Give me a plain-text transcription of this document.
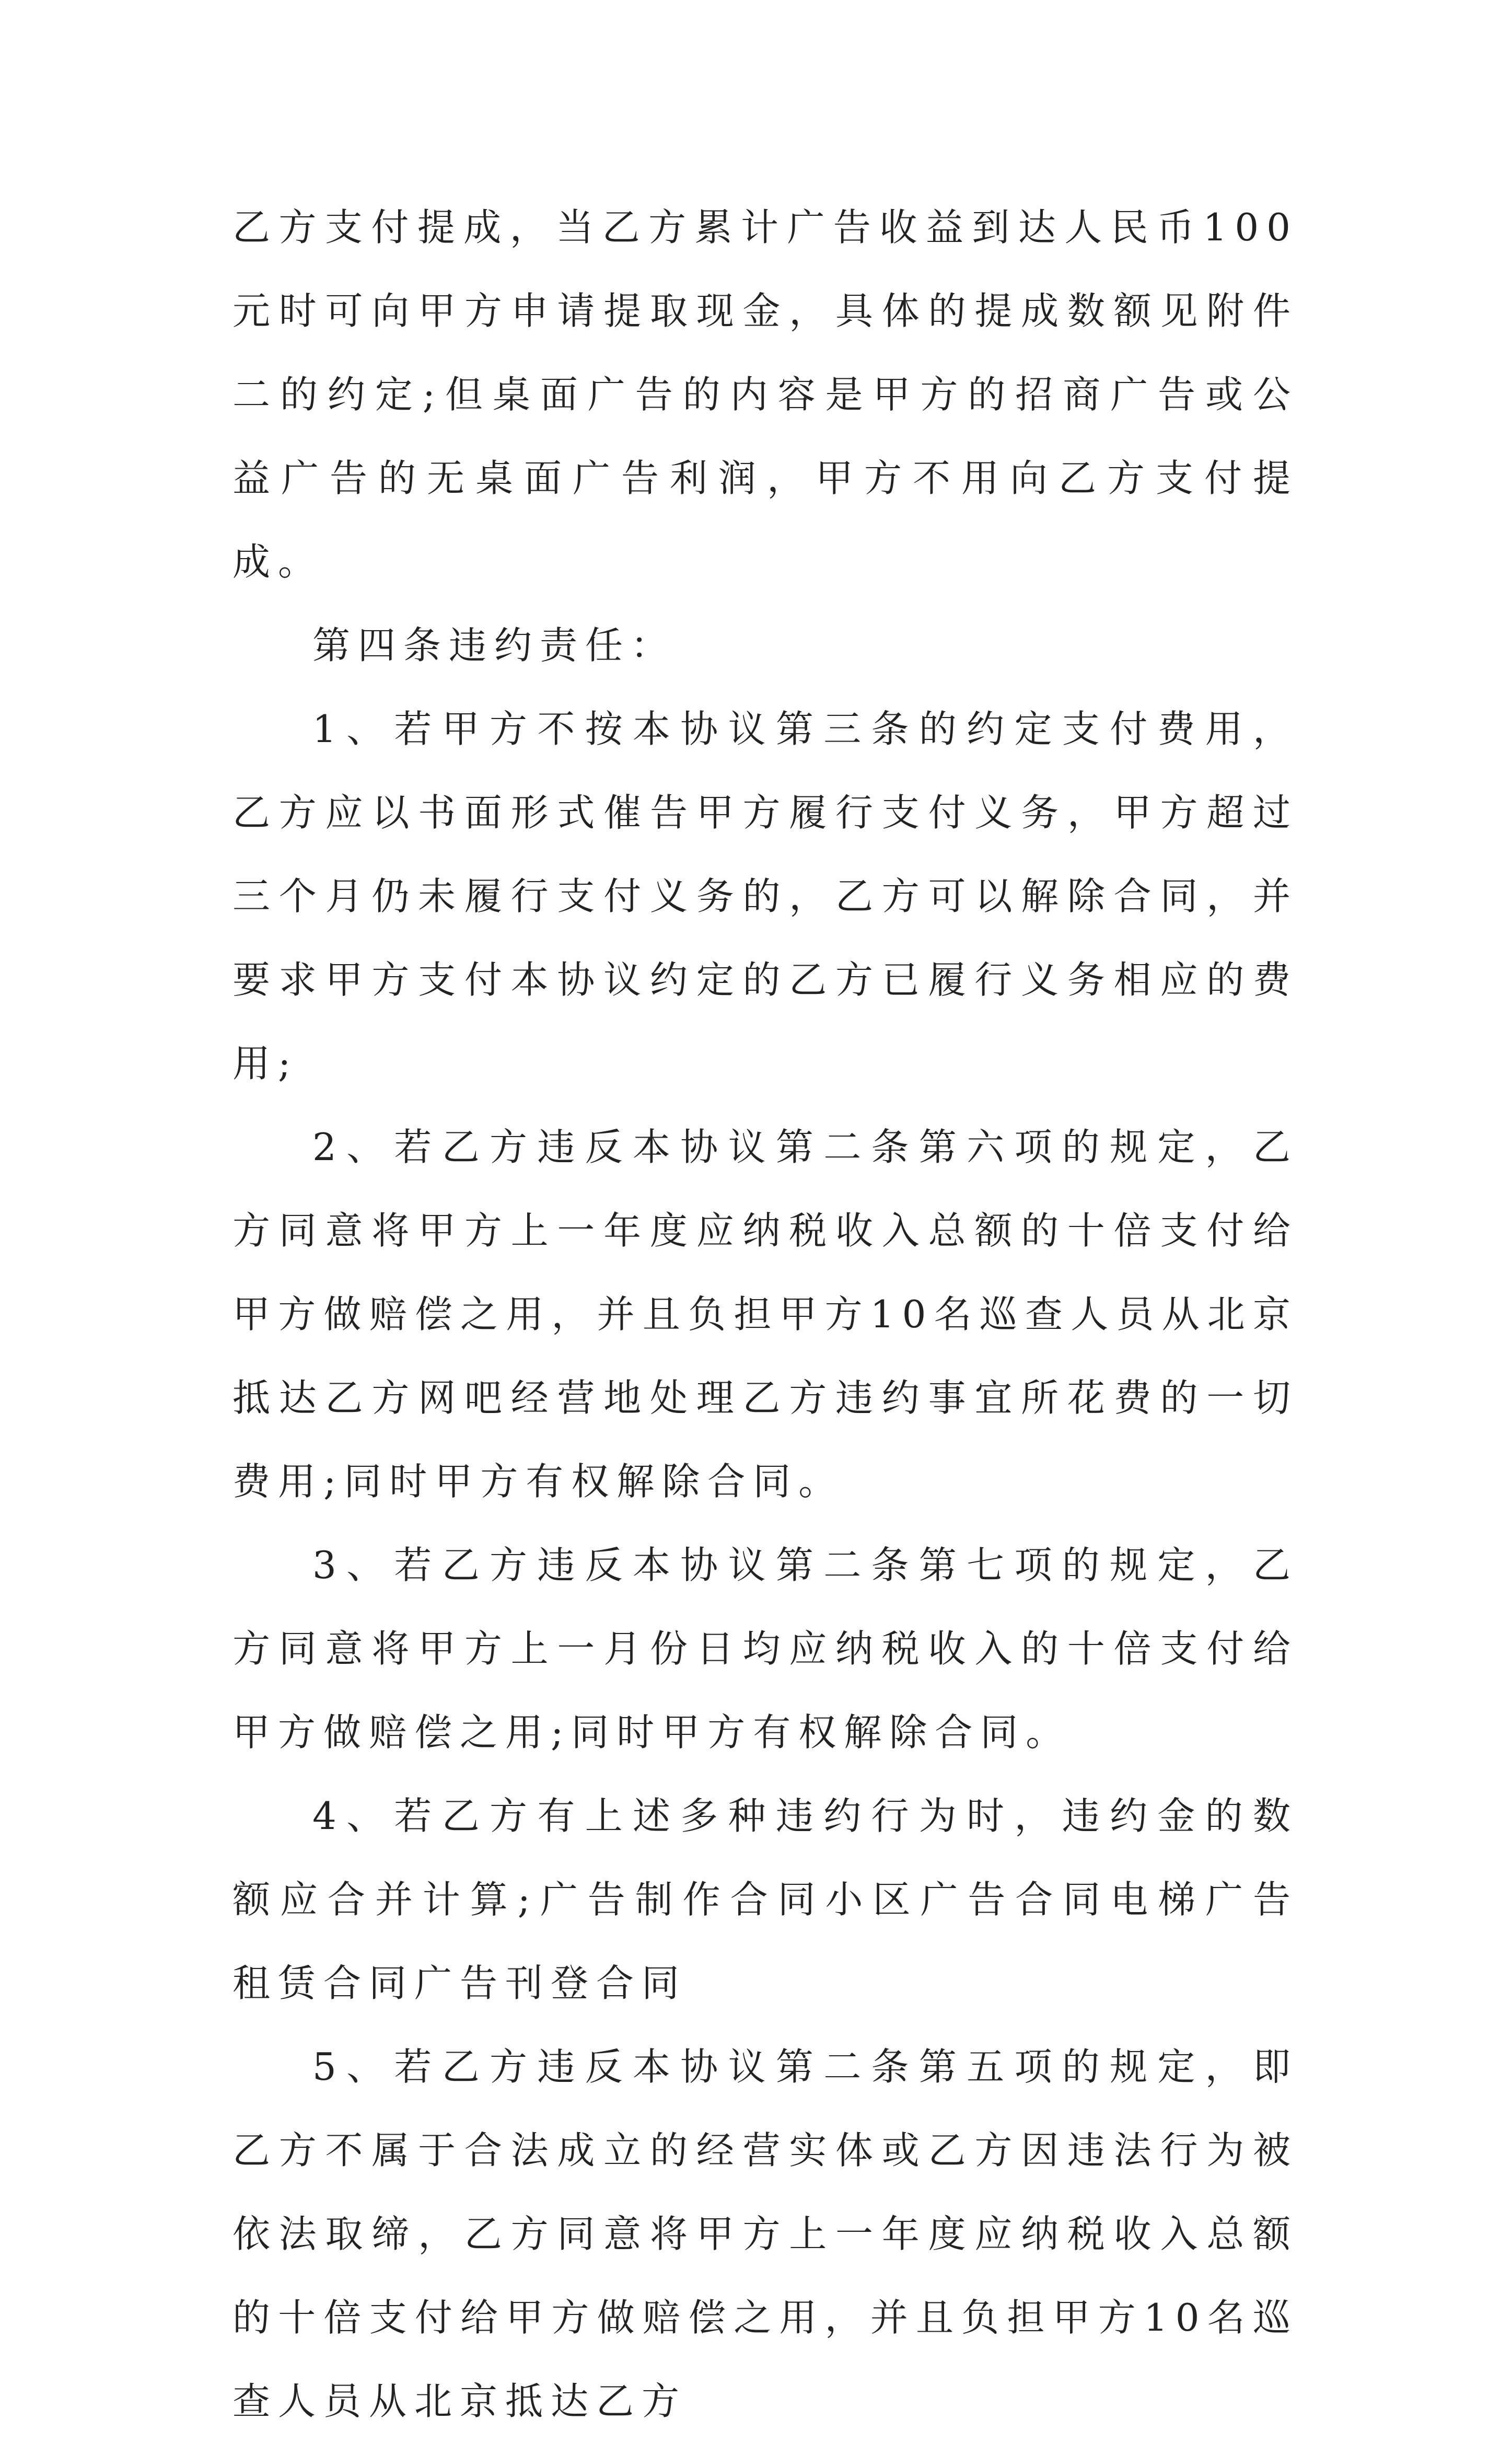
乙方支付提成，当乙方累计广告收益到达人民币100元时可向甲方申请提取现金，具体的提成数额见附件二的约定;但桌面广告的内容是甲方的招商广告或公益广告的无桌面广告利润，甲方不用向乙方支付提成。

第四条违约责任：

1、若甲方不按本协议第三条的约定支付费用，乙方应以书面形式催告甲方履行支付义务，甲方超过三个月仍未履行支付义务的，乙方可以解除合同，并要求甲方支付本协议约定的乙方已履行义务相应的费用;

2、若乙方违反本协议第二条第六项的规定，乙方同意将甲方上一年度应纳税收入总额的十倍支付给甲方做赔偿之用，并且负担甲方10名巡查人员从北京抵达乙方网吧经营地处理乙方违约事宜所花费的一切费用;同时甲方有权解除合同。

3、若乙方违反本协议第二条第七项的规定，乙方同意将甲方上一月份日均应纳税收入的十倍支付给甲方做赔偿之用;同时甲方有权解除合同。

4、若乙方有上述多种违约行为时，违约金的数额应合并计算;广告制作合同小区广告合同电梯广告租赁合同广告刊登合同

5、若乙方违反本协议第二条第五项的规定，即乙方不属于合法成立的经营实体或乙方因违法行为被依法取缔，乙方同意将甲方上一年度应纳税收入总额的十倍支付给甲方做赔偿之用，并且负担甲方10名巡查人员从北京抵达乙方
